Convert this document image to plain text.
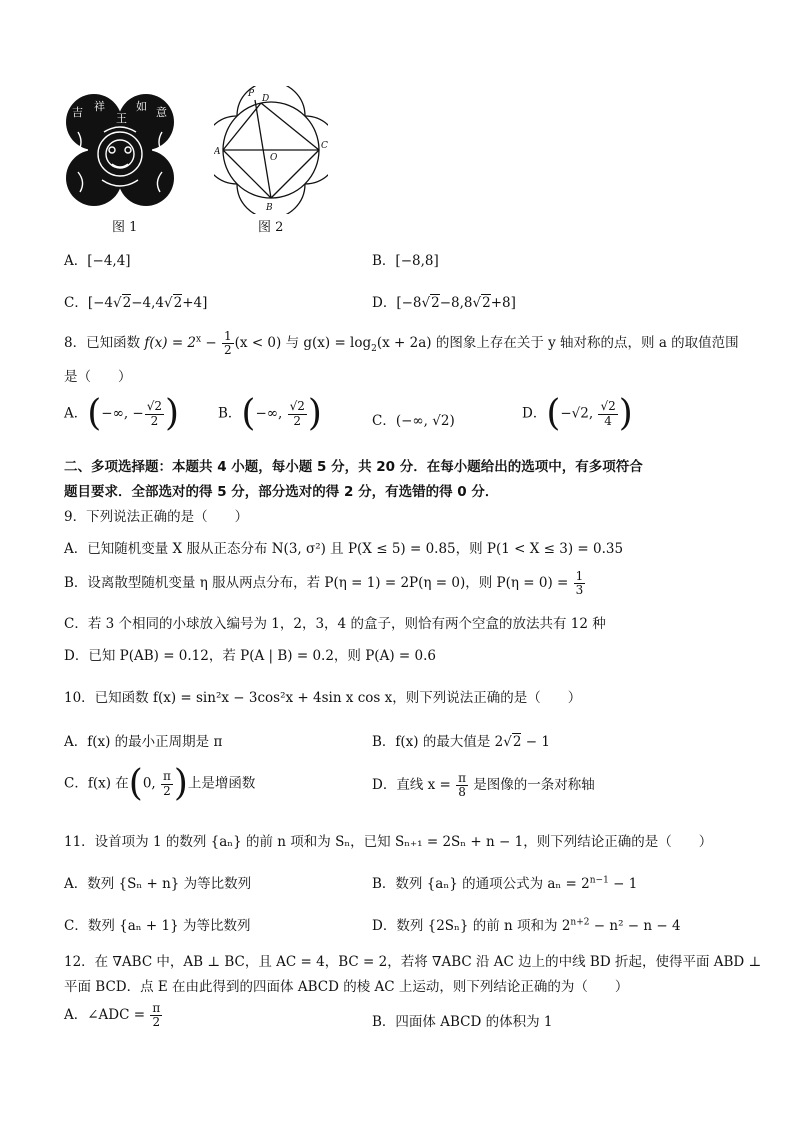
吉 祥
王
如 意
图 1
P D
A
O
C
B
图 2
A．[−4,4]	B．[−8,8]
C．[−4√2−4,4√2+4]	D．[−8√2−8,8√2+8]
8．已知函数 $f(x) = 2^x - \frac{1}{2} (x < 0)$ 与 $g(x) = \log_2(x + 2a)$ 的图象上存在关于 y 轴对称的点，则 a 的取值范围
是（　　）
A．(−∞, − $\frac{√2}{2}$ )	B．(−∞, $\frac{√2}{2}$ )	C．(−∞, √2)	D．(−√2, $\frac{√2}{4}$ )
二、多项选择题：本题共 4 小题，每小题 5 分，共 20 分．在每小题给出的选项中，有多项符合
题目要求．全部选对的得 5 分，部分选对的得 2 分，有选错的得 0 分．
9．下列说法正确的是（　　）
A．已知随机变量 X 服从正态分布 N(3, σ²) 且 P(X ≤ 5) = 0.85，则 P(1 < X ≤ 3) = 0.35
B．设离散型随机变量 η 服从两点分布，若 P(η = 1) = 2P(η = 0)，则 $P(\eta = 0) = \frac{1}{3}$
C．若 3 个相同的小球放入编号为 1，2，3，4 的盒子，则恰有两个空盒的放法共有 12 种
D．已知 P(AB) = 0.12，若 P(A | B) = 0.2，则 P(A) = 0.6
10．已知函数 f(x) = sin²x − 3cos²x + 4sin x cos x，则下列说法正确的是（　　）
A．f(x) 的最小正周期是 π	B．f(x) 的最大值是 2√2 − 1
C．f(x) 在(0, $\frac{\pi}{2}$ )上是增函数	D．直线 $x = \frac{\pi}{8}$ 是图像的一条对称轴
11．设首项为 1 的数列 {aₙ} 的前 n 项和为 Sₙ，已知 Sₙ₊₁ = 2Sₙ + n − 1，则下列结论正确的是（　　）
A．数列 {Sₙ + n} 为等比数列	B．数列 {aₙ} 的通项公式为 $a_n = 2^{n-1} - 1$
C．数列 {aₙ + 1} 为等比数列	D．数列 {2Sₙ} 的前 n 项和为 $2^{n+2} - n^2 - n - 4$
12．在 ∇ABC 中，AB ⊥ BC，且 AC = 4，BC = 2，若将 ∇ABC 沿 AC 边上的中线 BD 折起，使得平面 ABD ⊥
平面 BCD．点 E 在由此得到的四面体 ABCD 的棱 AC 上运动，则下列结论正确的为（　　）
A．∠ADC = $\frac{\pi}{2}$	B．四面体 ABCD 的体积为 1
